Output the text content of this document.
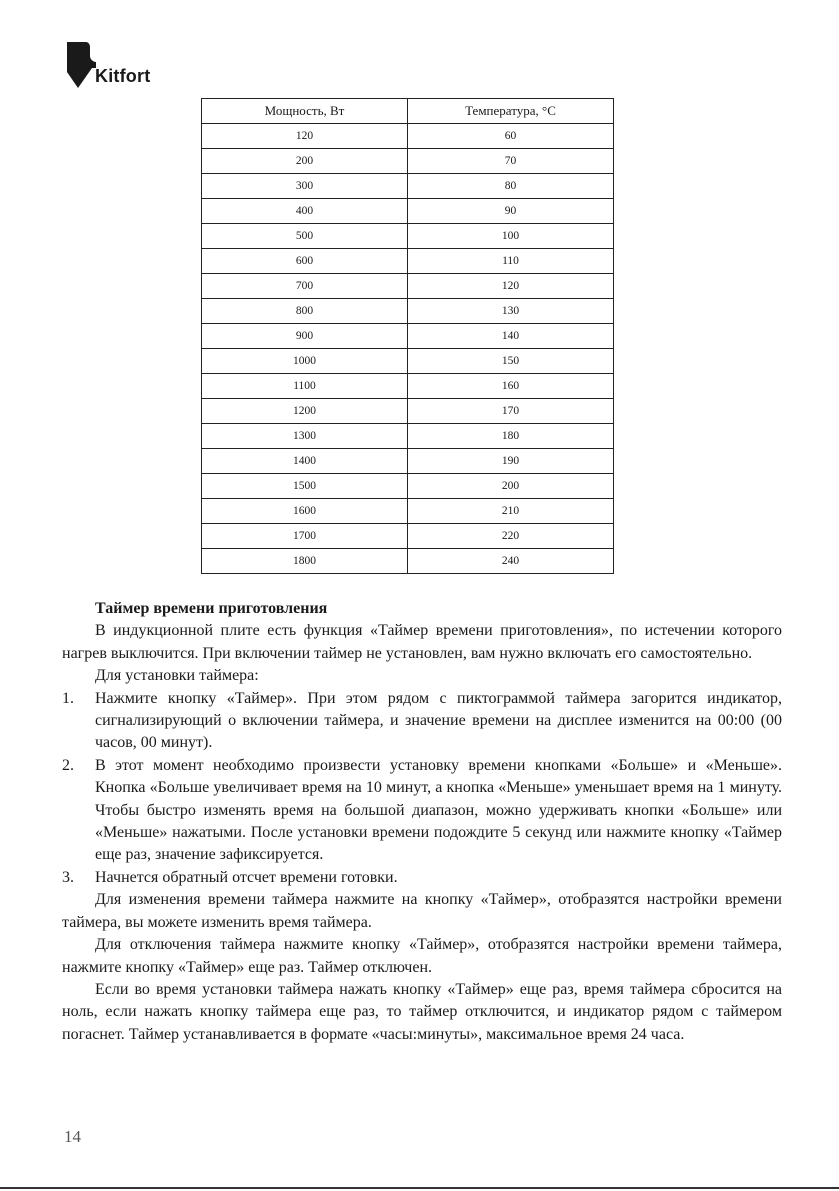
Kitfort
Мощность, Вт	Температура, °C
120	60
200	70
300	80
400	90
500	100
600	110
700	120
800	130
900	140
1000	150
1100	160
1200	170
1300	180
1400	190
1500	200
1600	210
1700	220
1800	240

Таймер времени приготовления

В индукционной плите есть функция «Таймер времени приготовления», по истечении которого нагрев выключится. При включении таймер не установлен, вам нужно включать его самостоятельно.

Для установки таймера:

1. Нажмите кнопку «Таймер». При этом рядом с пиктограммой таймера загорится индикатор, сигнализирующий о включении таймера, и значение времени на дисплее изменится на 00:00 (00 часов, 00 минут).
2. В этот момент необходимо произвести установку времени кнопками «Больше» и «Меньше». Кнопка «Больше увеличивает время на 10 минут, а кнопка «Меньше» уменьшает время на 1 минуту. Чтобы быстро изменять время на большой диапазон, можно удерживать кнопки «Больше» или «Меньше» нажатыми. После установки времени подождите 5 секунд или нажмите кнопку «Таймер еще раз, значение зафиксируется.
3. Начнется обратный отсчет времени готовки.

Для изменения времени таймера нажмите на кнопку «Таймер», отобразятся настройки времени таймера, вы можете изменить время таймера.

Для отключения таймера нажмите кнопку «Таймер», отобразятся настройки времени таймера, нажмите кнопку «Таймер» еще раз. Таймер отключен.

Если во время установки таймера нажать кнопку «Таймер» еще раз, время таймера сбросится на ноль, если нажать кнопку таймера еще раз, то таймер отключится, и индикатор рядом с таймером погаснет. Таймер устанавливается в формате «часы:минуты», максимальное время 24 часа.

14
